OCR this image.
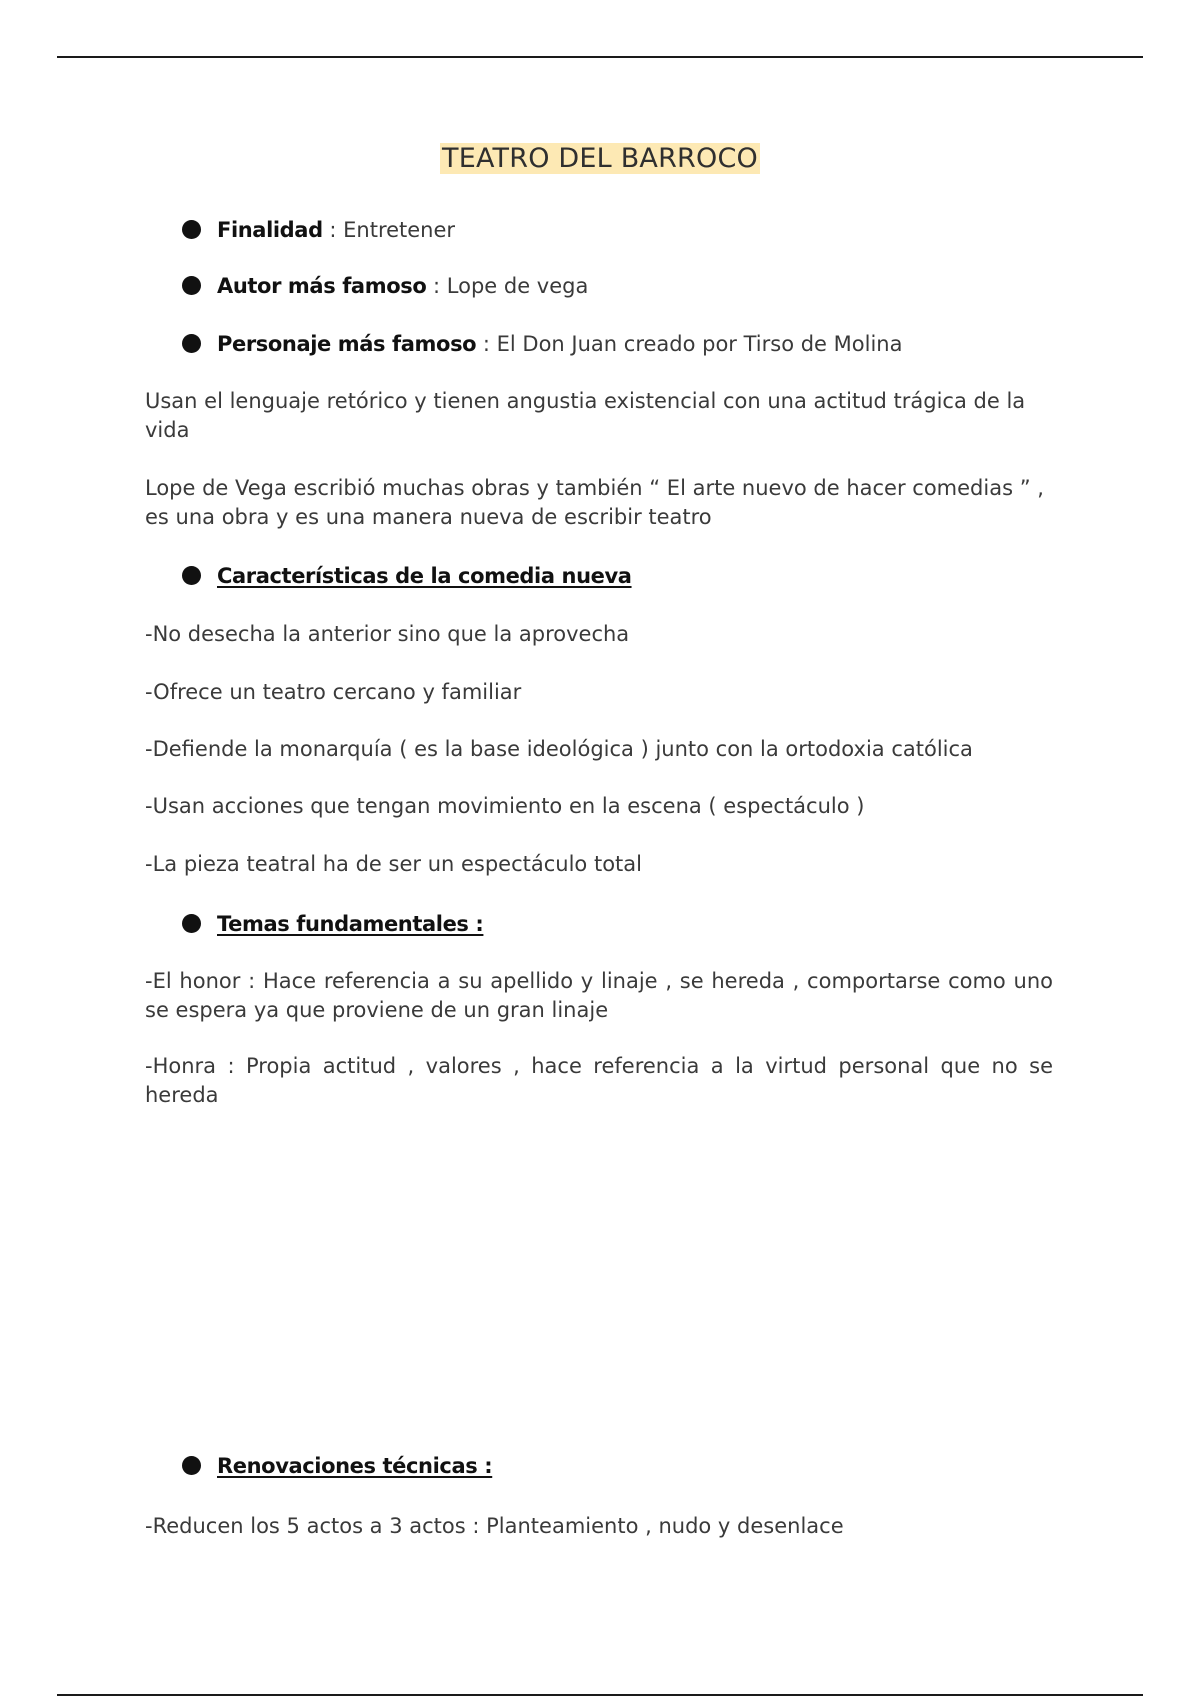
TEATRO DEL BARROCO
Finalidad : Entretener
Autor más famoso : Lope de vega
Personaje más famoso : El Don Juan creado por Tirso de Molina
Usan el lenguaje retórico y tienen angustia existencial con una actitud trágica de la vida
Lope de Vega escribió muchas obras y también “ El arte nuevo de hacer comedias ” , es una obra y es una manera nueva de escribir teatro
Características de la comedia nueva
-No desecha la anterior sino que la aprovecha
-Ofrece un teatro cercano y familiar
-Defiende la monarquía ( es la base ideológica ) junto con la ortodoxia católica
-Usan acciones que tengan movimiento en la escena ( espectáculo )
-La pieza teatral ha de ser un espectáculo total
Temas fundamentales :
-El honor : Hace referencia a su apellido y linaje , se hereda , comportarse como uno se espera ya que proviene de un gran linaje
-Honra : Propia actitud , valores , hace referencia a la virtud personal que no se hereda
Renovaciones técnicas :
-Reducen los 5 actos a 3 actos : Planteamiento , nudo y desenlace
